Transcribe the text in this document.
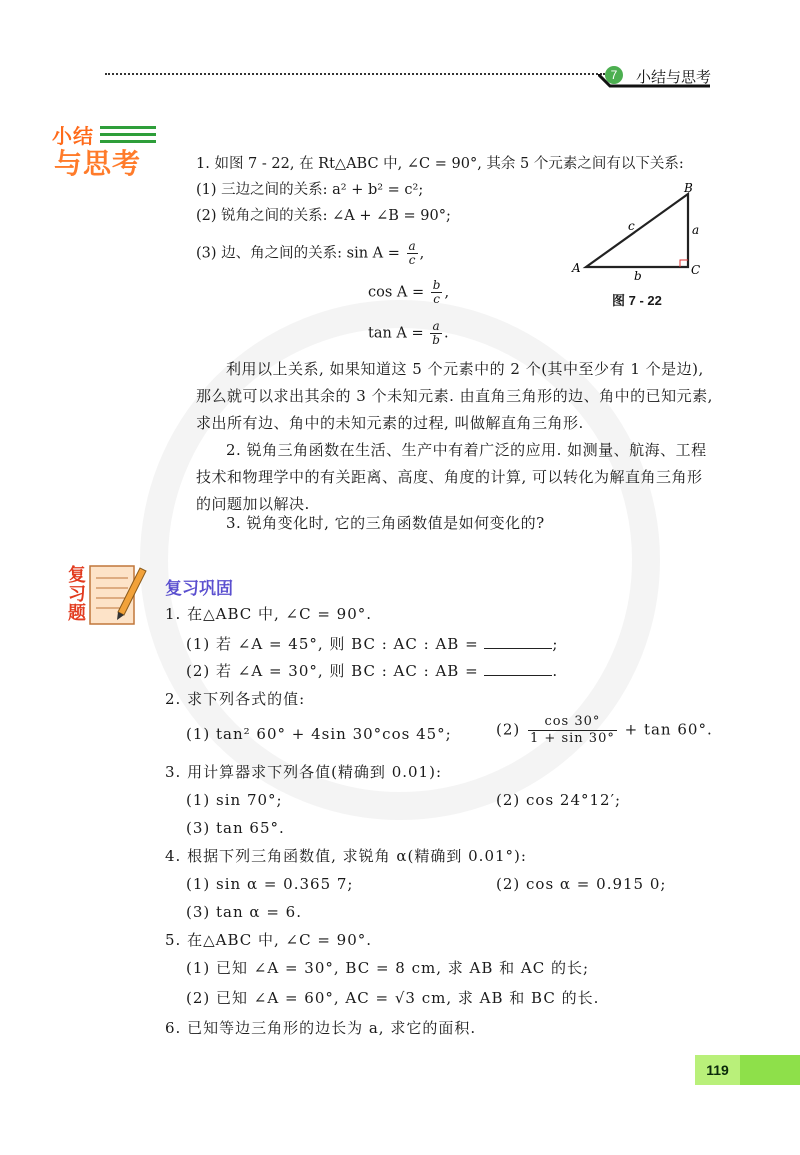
7	小结与思考
小结
与思考	1. 如图 7 - 22, 在 Rt△ABC 中, ∠C = 90°, 其余 5 个元素之间有以下关系:
(1) 三边之间的关系: a² + b² = c²;
(2) 锐角之间的关系: ∠A + ∠B = 90°;
(3) 边、角之间的关系: $\sin A = \frac{a}{c}$ ,
$\cos A = \frac{b}{c}$ ,
$\tan A = \frac{a}{b}$ .
A
B
C
a
b
c
图 7 - 22
利用以上关系, 如果知道这 5 个元素中的 2 个(其中至少有 1 个是边), 那么就可以求出其余的 3 个未知元素. 由直角三角形的边、角中的已知元素, 求出所有边、角中的未知元素的过程, 叫做解直角三角形.
2. 锐角三角函数在生活、生产中有着广泛的应用. 如测量、航海、工程技术和物理学中的有关距离、高度、角度的计算, 可以转化为解直角三角形的问题加以解决.
3. 锐角变化时, 它的三角函数值是如何变化的?
复
习
题
复习巩固
1. 在△ABC 中, ∠C = 90°.
(1) 若 ∠A = 45°, 则 BC : AC : AB =	;
(2) 若 ∠A = 30°, 则 BC : AC : AB =	.
2. 求下列各式的值:
(1) tan² 60° + 4sin 30°cos 45°;	$(2) \frac{\cos 30^\circ}{1 + \sin 30^\circ} + \tan 60^\circ$.
3. 用计算器求下列各值(精确到 0.01):
(1) sin 70°;	(2) cos 24°12′;
(3) tan 65°.
4. 根据下列三角函数值, 求锐角 α(精确到 0.01°):
(1) sin α = 0.365 7;	(2) cos α = 0.915 0;
(3) tan α = 6.
5. 在△ABC 中, ∠C = 90°.
(1) 已知 ∠A = 30°, BC = 8 cm, 求 AB 和 AC 的长;
(2) 已知 ∠A = 60°, AC = √3 cm, 求 AB 和 BC 的长.
6. 已知等边三角形的边长为 a, 求它的面积.
119
